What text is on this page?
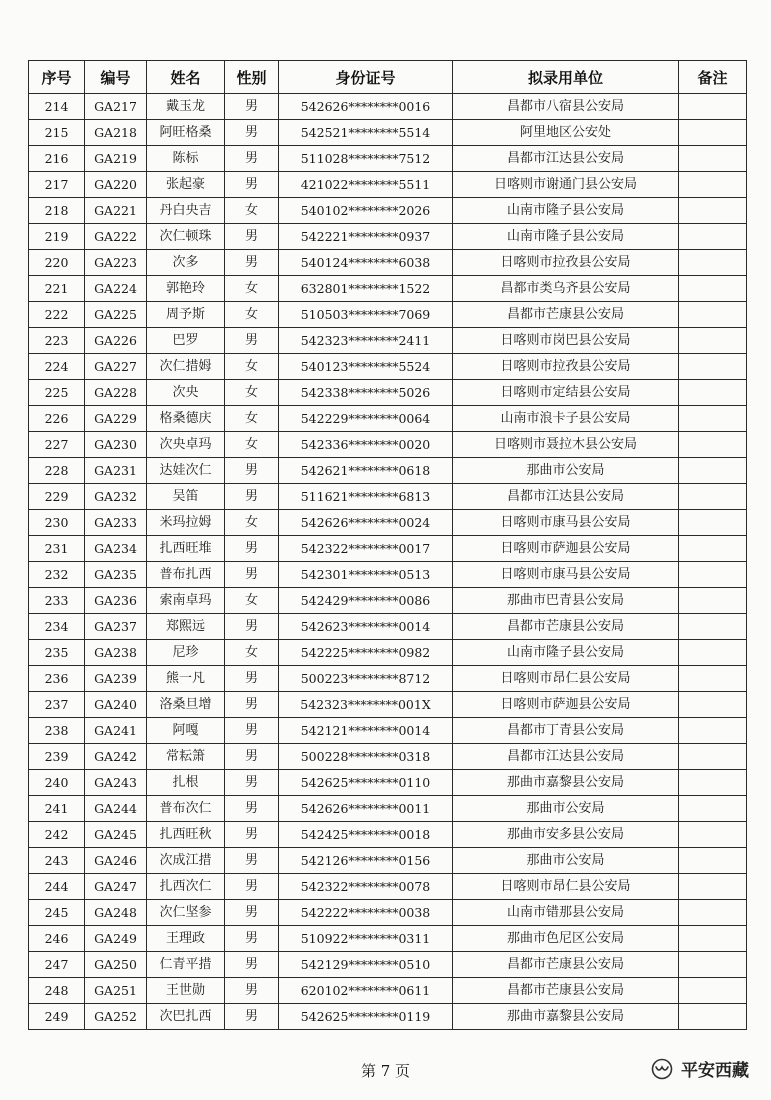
序号	编号	姓名	性别	身份证号	拟录用单位	备注
214	GA217	戴玉龙	男	542626********0016	昌都市八宿县公安局	
215	GA218	阿旺格桑	男	542521********5514	阿里地区公安处	
216	GA219	陈标	男	511028********7512	昌都市江达县公安局	
217	GA220	张起豪	男	421022********5511	日喀则市谢通门县公安局	
218	GA221	丹白央吉	女	540102********2026	山南市隆子县公安局	
219	GA222	次仁顿珠	男	542221********0937	山南市隆子县公安局	
220	GA223	次多	男	540124********6038	日喀则市拉孜县公安局	
221	GA224	郭艳玲	女	632801********1522	昌都市类乌齐县公安局	
222	GA225	周予斯	女	510503********7069	昌都市芒康县公安局	
223	GA226	巴罗	男	542323********2411	日喀则市岗巴县公安局	
224	GA227	次仁措姆	女	540123********5524	日喀则市拉孜县公安局	
225	GA228	次央	女	542338********5026	日喀则市定结县公安局	
226	GA229	格桑德庆	女	542229********0064	山南市浪卡子县公安局	
227	GA230	次央卓玛	女	542336********0020	日喀则市聂拉木县公安局	
228	GA231	达娃次仁	男	542621********0618	那曲市公安局	
229	GA232	吴笛	男	511621********6813	昌都市江达县公安局	
230	GA233	米玛拉姆	女	542626********0024	日喀则市康马县公安局	
231	GA234	扎西旺堆	男	542322********0017	日喀则市萨迦县公安局	
232	GA235	普布扎西	男	542301********0513	日喀则市康马县公安局	
233	GA236	索南卓玛	女	542429********0086	那曲市巴青县公安局	
234	GA237	郑熙远	男	542623********0014	昌都市芒康县公安局	
235	GA238	尼珍	女	542225********0982	山南市隆子县公安局	
236	GA239	熊一凡	男	500223********8712	日喀则市昂仁县公安局	
237	GA240	洛桑旦增	男	542323********001X	日喀则市萨迦县公安局	
238	GA241	阿嘎	男	542121********0014	昌都市丁青县公安局	
239	GA242	常耘箫	男	500228********0318	昌都市江达县公安局	
240	GA243	扎根	男	542625********0110	那曲市嘉黎县公安局	
241	GA244	普布次仁	男	542626********0011	那曲市公安局	
242	GA245	扎西旺秋	男	542425********0018	那曲市安多县公安局	
243	GA246	次成江措	男	542126********0156	那曲市公安局	
244	GA247	扎西次仁	男	542322********0078	日喀则市昂仁县公安局	
245	GA248	次仁坚参	男	542222********0038	山南市错那县公安局	
246	GA249	王理政	男	510922********0311	那曲市色尼区公安局	
247	GA250	仁青平措	男	542129********0510	昌都市芒康县公安局	
248	GA251	王世勋	男	620102********0611	昌都市芒康县公安局	
249	GA252	次巴扎西	男	542625********0119	那曲市嘉黎县公安局	
第 7 页	平安西藏
